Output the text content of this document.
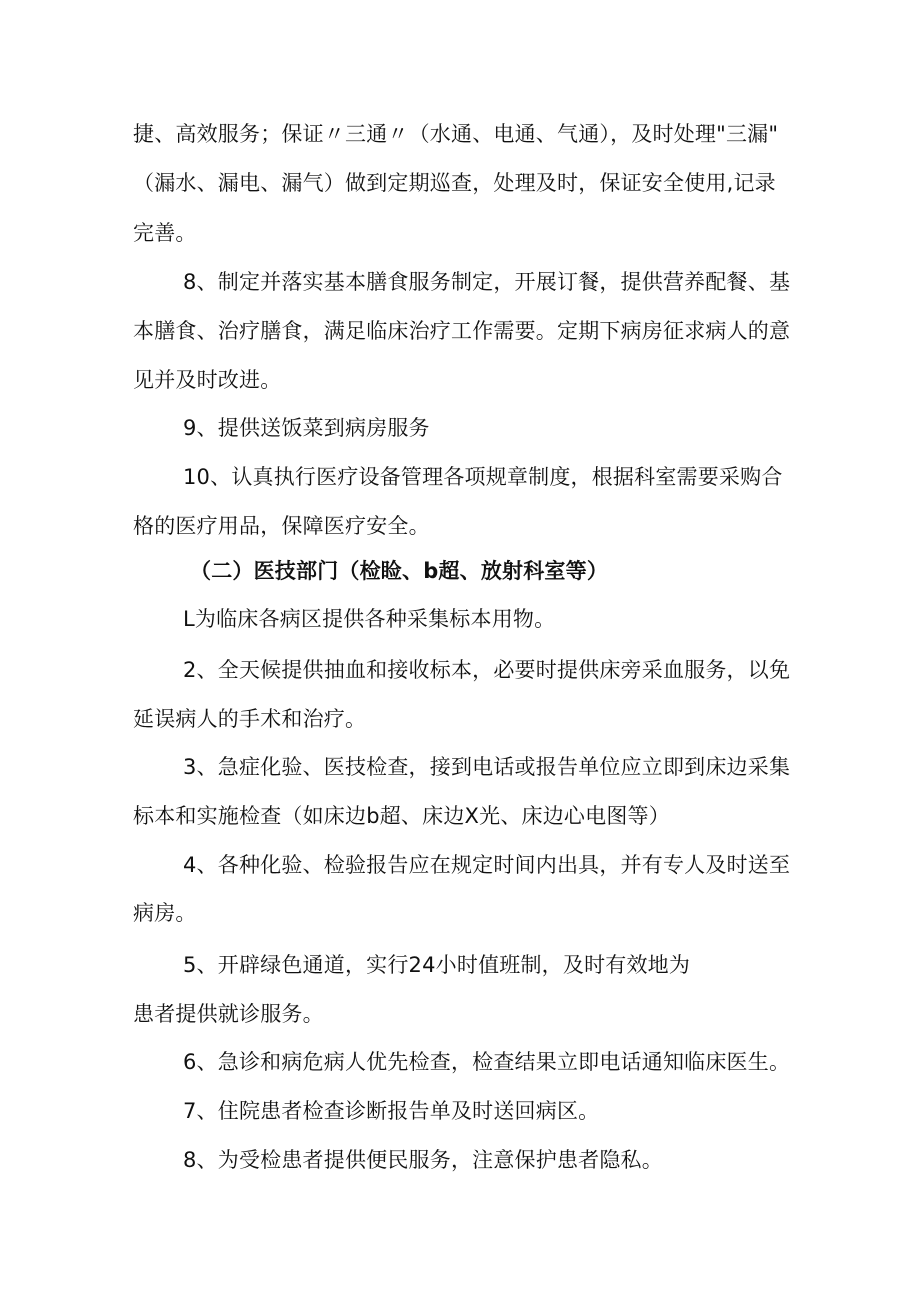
捷、高效服务；保证〃三通〃（水通、电通、气通），及时处理"三漏"
（漏水、漏电、漏气）做到定期巡查，处理及时，保证安全使用,记录
完善。
8、制定并落实基本膳食服务制定，开展订餐，提供营养配餐、基
本膳食、治疗膳食，满足临床治疗工作需要。定期下病房征求病人的意
见并及时改进。
9、提供送饭菜到病房服务
10、认真执行医疗设备管理各项规章制度，根据科室需要采购合
格的医疗用品，保障医疗安全。
（二）医技部门（检睑、b超、放射科室等）
L为临床各病区提供各种采集标本用物。
2、全天候提供抽血和接收标本，必要时提供床旁采血服务，以免
延误病人的手术和治疗。
3、急症化验、医技检查，接到电话或报告单位应立即到床边采集
标本和实施检查（如床边b超、床边X光、床边心电图等）
4、各种化验、检验报告应在规定时间内出具，并有专人及时送至
病房。
5、开辟绿色通道，实行24小时值班制，及时有效地为
患者提供就诊服务。
6、急诊和病危病人优先检查，检查结果立即电话通知临床医生。
7、住院患者检查诊断报告单及时送回病区。
8、为受检患者提供便民服务，注意保护患者隐私。
